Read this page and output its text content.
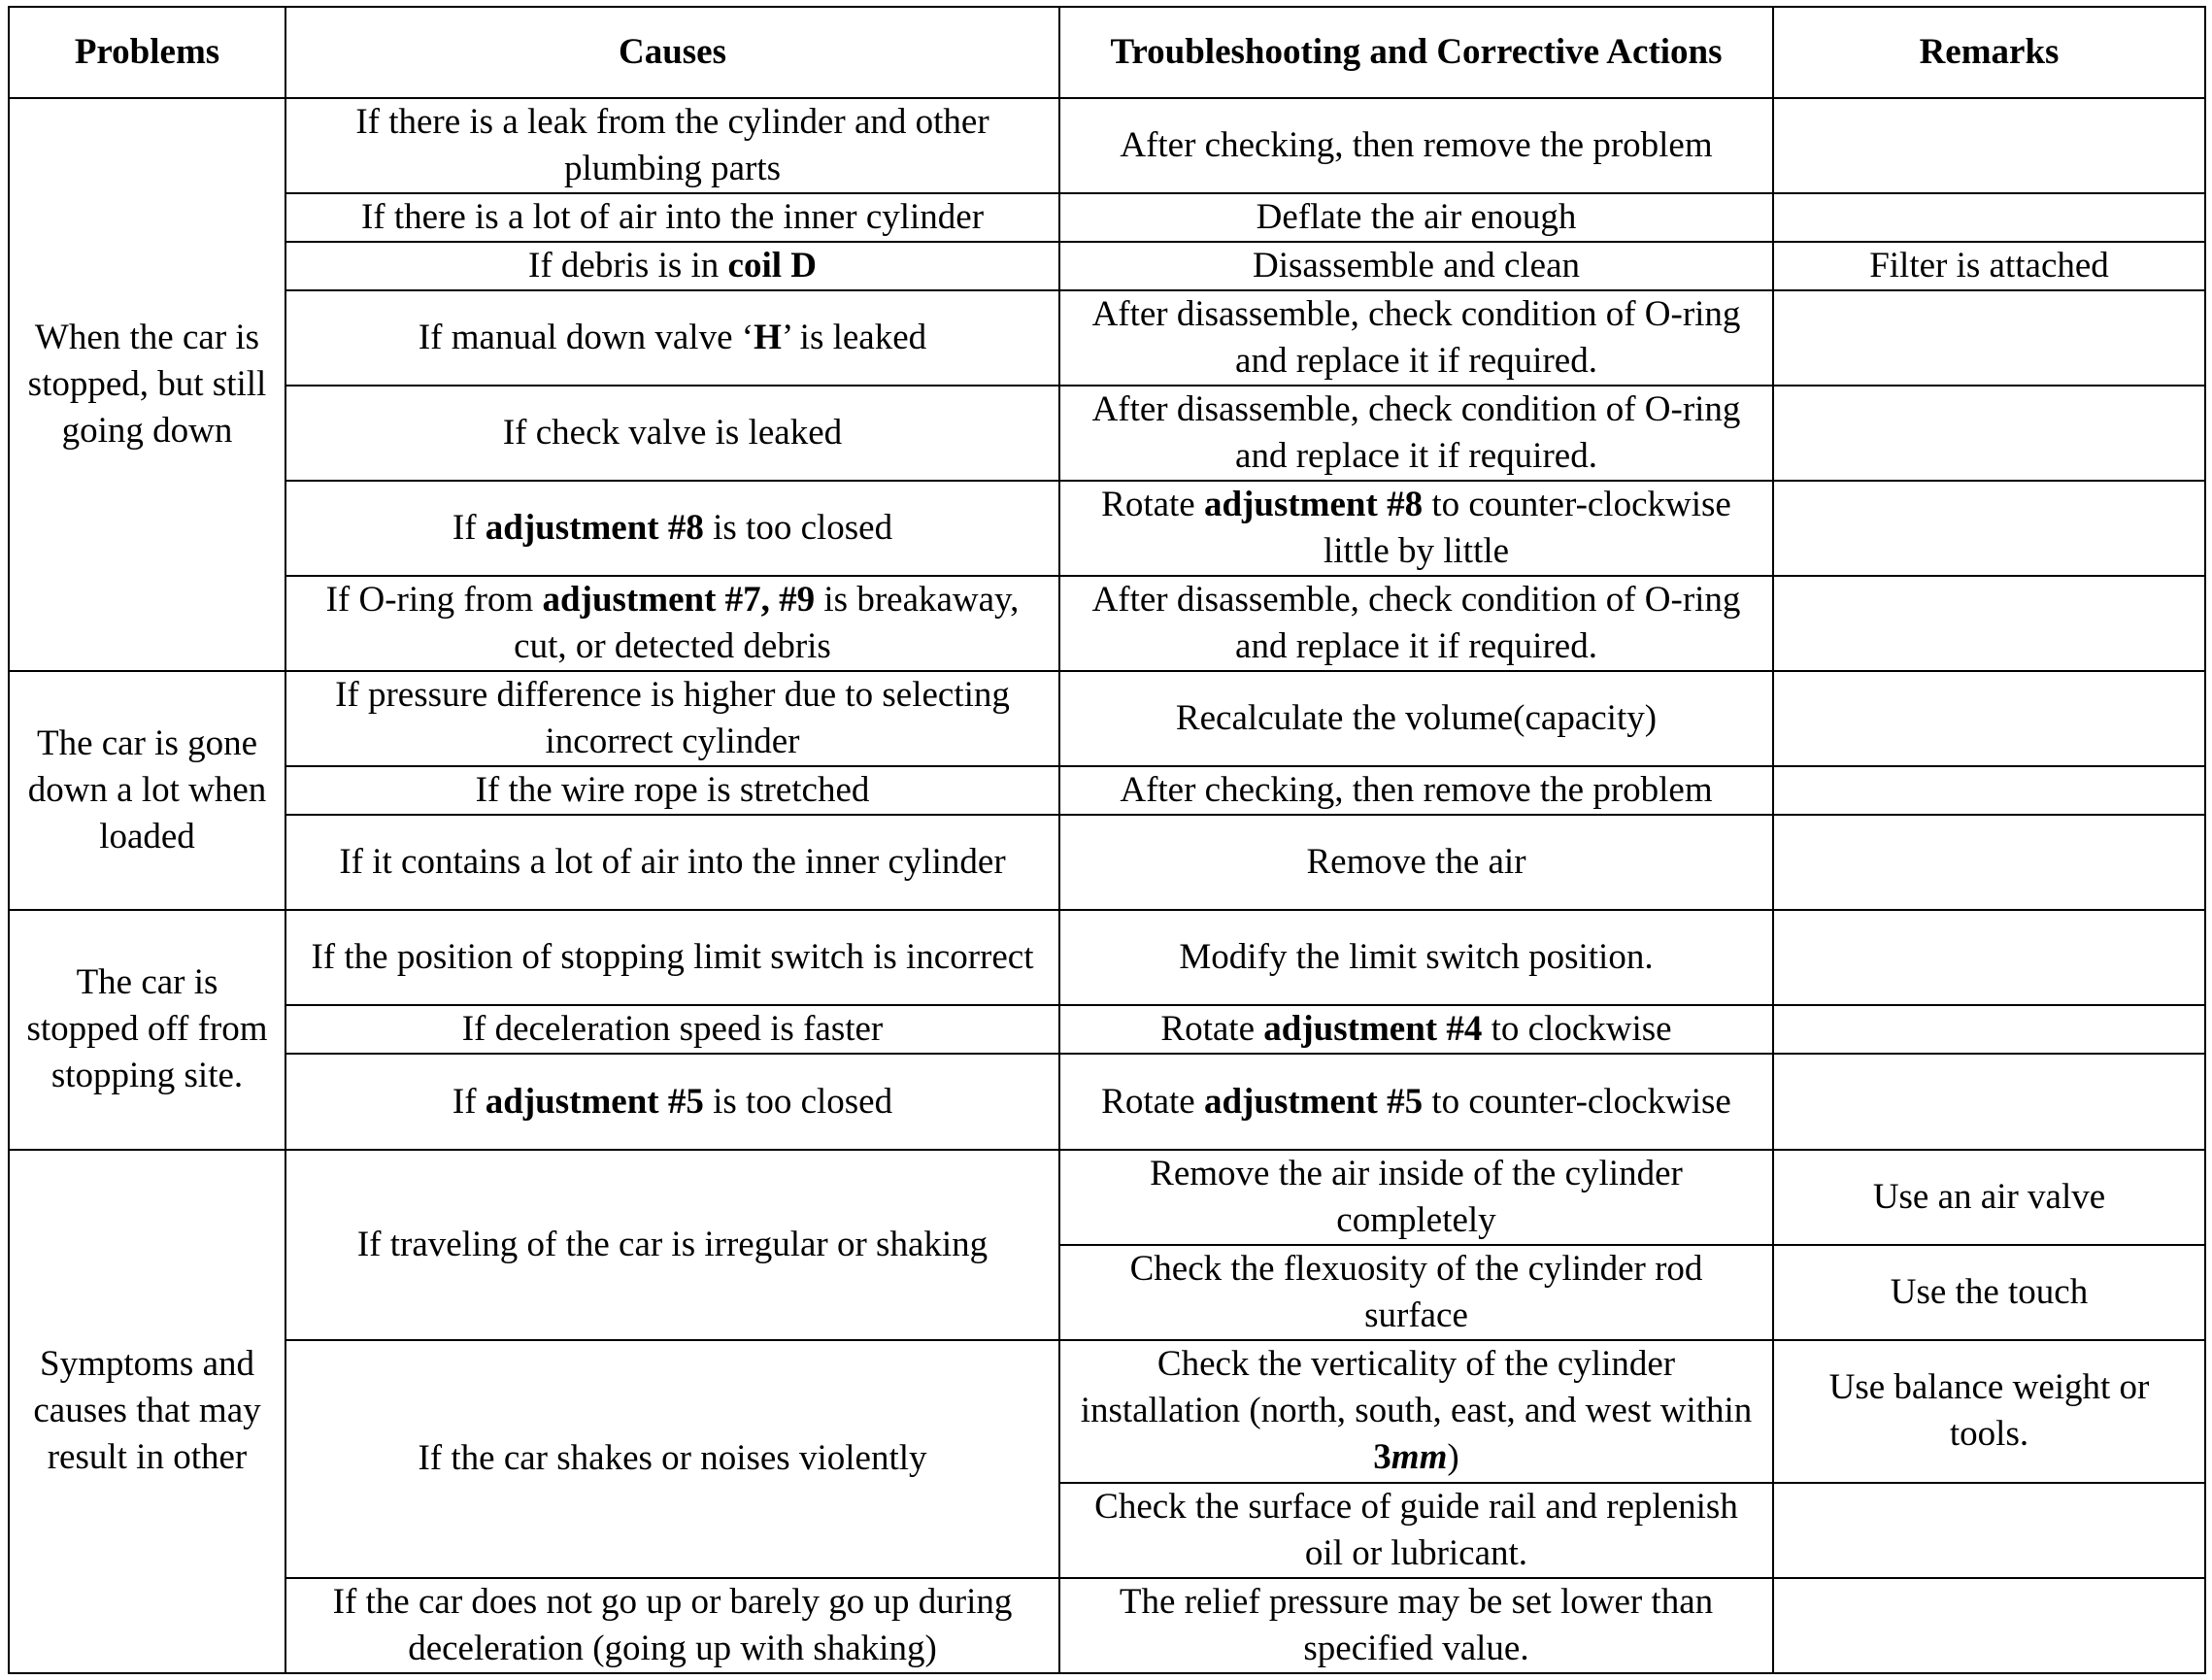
Problems	Causes	Troubleshooting and Corrective Actions	Remarks
When the car is stopped, but still going down	If there is a leak from the cylinder and other plumbing parts	After checking, then remove the problem	
	If there is a lot of air into the inner cylinder	Deflate the air enough	
	If debris is in coil D	Disassemble and clean	Filter is attached
	If manual down valve ‘H’ is leaked	After disassemble, check condition of O-ring and replace it if required.	
	If check valve is leaked	After disassemble, check condition of O-ring and replace it if required.	
	If adjustment #8 is too closed	Rotate adjustment #8 to counter-clockwise little by little	
	If O-ring from adjustment #7, #9 is breakaway, cut, or detected debris	After disassemble, check condition of O-ring and replace it if required.	
The car is gone down a lot when loaded	If pressure difference is higher due to selecting incorrect cylinder	Recalculate the volume(capacity)	
	If the wire rope is stretched	After checking, then remove the problem	
	If it contains a lot of air into the inner cylinder	Remove the air	
The car is stopped off from stopping site.	If the position of stopping limit switch is incorrect	Modify the limit switch position.	
	If deceleration speed is faster	Rotate adjustment #4 to clockwise	
	If adjustment #5 is too closed	Rotate adjustment #5 to counter-clockwise	
Symptoms and causes that may result in other	If traveling of the car is irregular or shaking	Remove the air inside of the cylinder completely	Use an air valve
		Check the flexuosity of the cylinder rod surface	Use the touch
	If the car shakes or noises violently	Check the verticality of the cylinder installation (north, south, east, and west within 3mm)	Use balance weight or tools.
		Check the surface of guide rail and replenish oil or lubricant.	
	If the car does not go up or barely go up during deceleration (going up with shaking)	The relief pressure may be set lower than specified value.	
